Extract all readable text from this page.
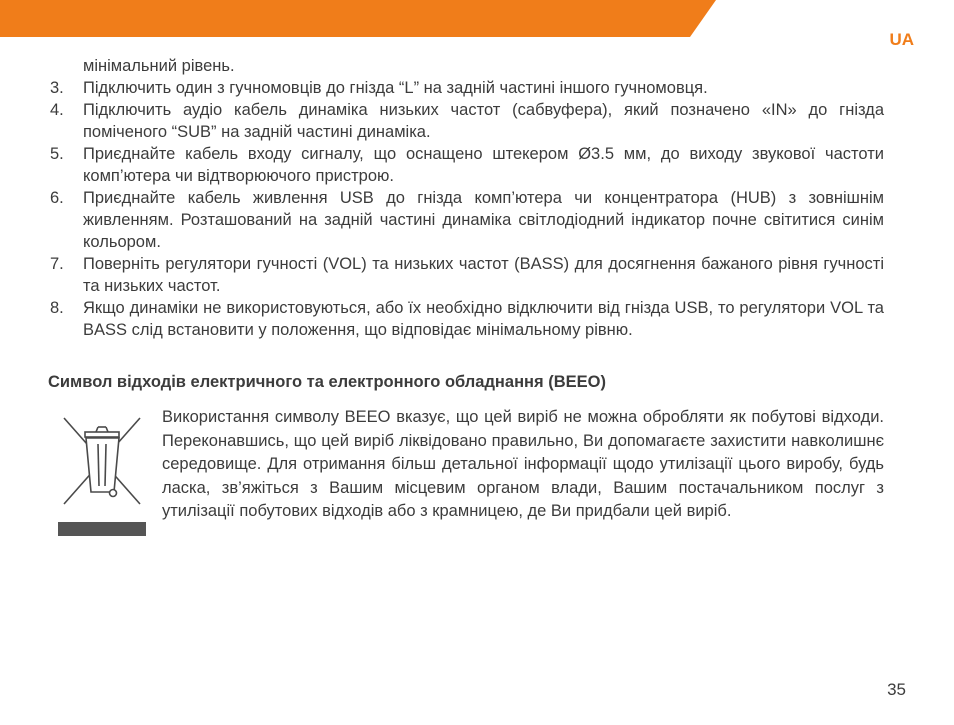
UA
мінімальний рівень.
3. Підключить один з гучномовців до гнізда “L” на задній частині іншого гучномовця.
4. Підключить аудіо кабель динаміка низьких частот (сабвуфера), який позначено «IN» до гнізда поміченого “SUB” на задній частині динаміка.
5. Приєднайте кабель входу сигналу, що оснащено штекером Ø3.5 мм, до виходу звукової частоти комп’ютера чи відтворюючого пристрою.
6. Приєднайте кабель живлення USB до гнізда комп’ютера чи концентратора (HUB) з зовнішнім живленням. Розташований на задній частині динаміка світлодіодний індикатор почне світитися синім кольором.
7. Поверніть регулятори гучності (VOL) та низьких частот (BASS) для досягнення бажаного рівня гучності та низьких частот.
8. Якщо динаміки не використовуються, або їх необхідно відключити від гнізда USB, то регулятори VOL та BASS слід встановити у положення, що відповідає мінімальному рівню.
Символ відходів електричного та електронного обладнання (BEEO)
Використання символу BEEO вказує, що цей виріб не можна обробляти як побутові відходи. Переконавшись, що цей виріб ліквідовано правильно, Ви допомагаєте захистити навколишнє середовище. Для отримання більш детальної інформації щодо утилізації цього виробу, будь ласка, зв’яжіться з Вашим місцевим органом влади, Вашим постачальником послуг з утилізації побутових відходів або з крамницею, де Ви придбали цей виріб.
35
